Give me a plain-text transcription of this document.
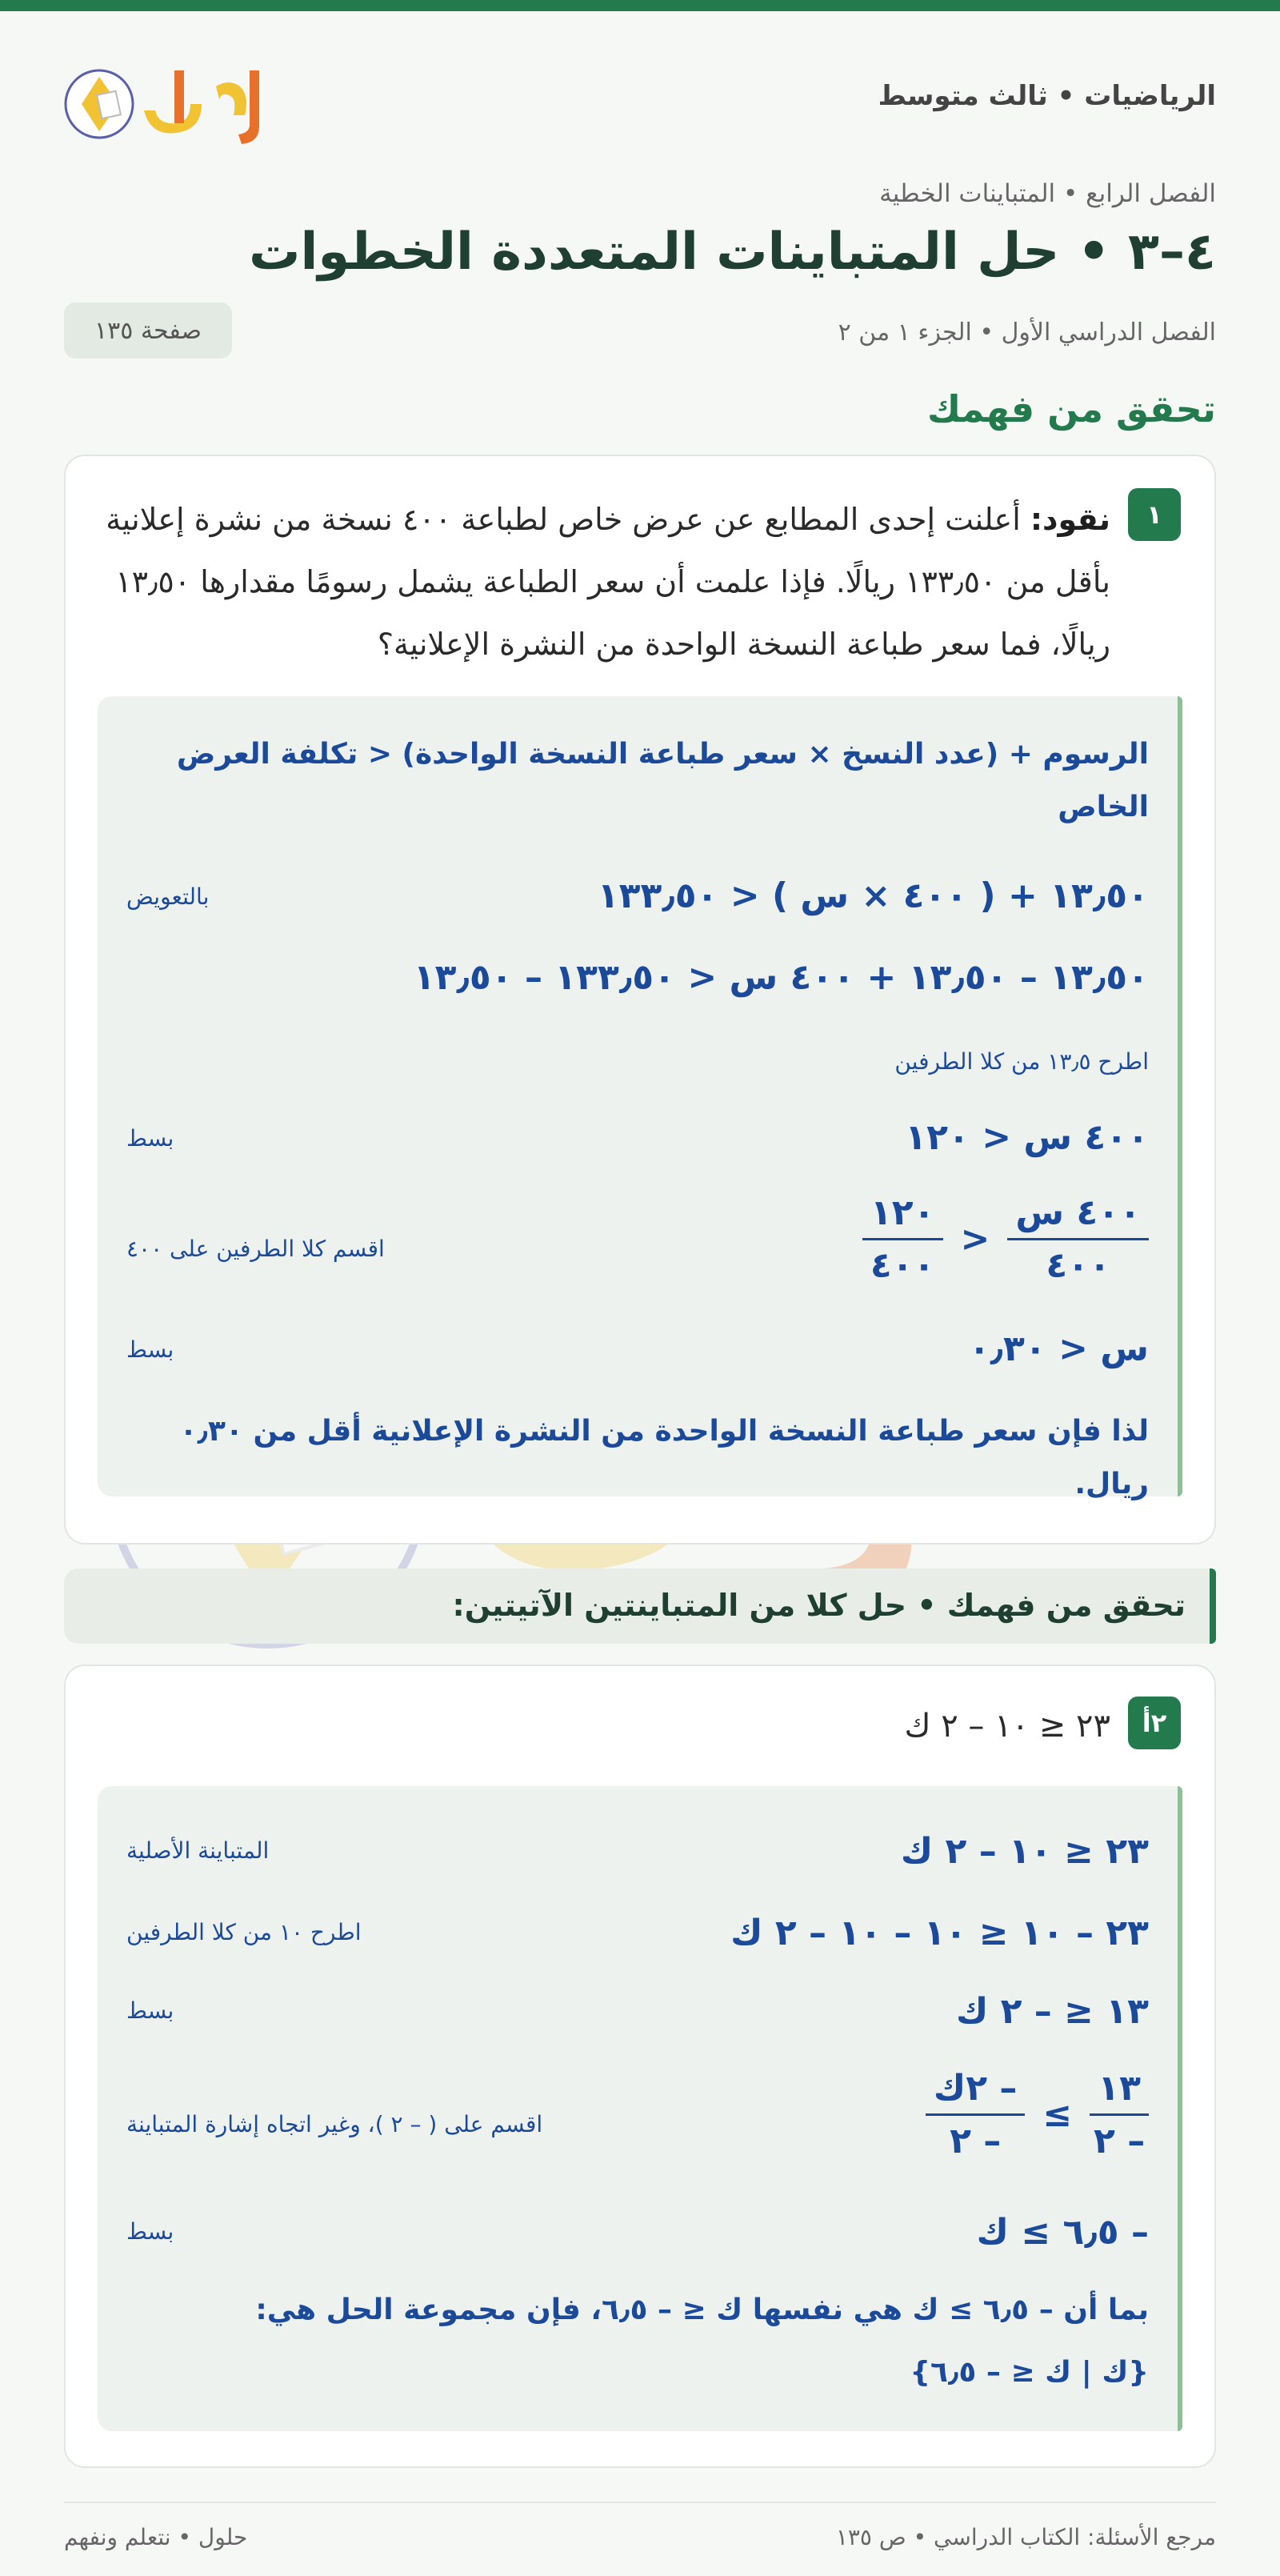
الرياضيات • ثالث متوسط
الفصل الرابع • المتباينات الخطية
٤–٣ • حل المتباينات المتعددة الخطوات
الفصل الدراسي الأول • الجزء ١ من ٢
صفحة ١٣٥
تحقق من فهمك
١

نقود: أعلنت إحدى المطابع عن عرض خاص لطباعة ٤٠٠ نسخة من نشرة إعلانية بأقل من ١٣٣٫٥٠ ريالًا. فإذا علمت أن سعر الطباعة يشمل رسومًا مقدارها ١٣٫٥٠ ريالًا، فما سعر طباعة النسخة الواحدة من النشرة الإعلانية؟

الرسوم + (عدد النسخ × سعر طباعة النسخة الواحدة) < تكلفة العرض الخاص
١٣٫٥٠ + ( ٤٠٠ × س ) < ١٣٣٫٥٠
بالتعويض
١٣٫٥٠ – ١٣٫٥٠ + ٤٠٠ س < ١٣٣٫٥٠ – ١٣٫٥٠
اطرح ١٣٫٥ من كلا الطرفين
٤٠٠ س < ١٢٠
بسط
$\frac{\text{٤٠٠ س}}{٤٠٠}$
<
$\frac{١٢٠}{٤٠٠}$
اقسم كلا الطرفين على ٤٠٠
س < ٠٫٣٠
بسط
لذا فإن سعر طباعة النسخة الواحدة من النشرة الإعلانية أقل من ٠٫٣٠ ريال.
تحقق من فهمك • حل كلا من المتباينتين الآتيتين:
٢أ
٢٣ ≤ ١٠ – ٢ ك
٢٣ ≤ ١٠ – ٢ ك
المتباينة الأصلية
٢٣ – ١٠ ≤ ١٠ – ١٠ – ٢ ك
اطرح ١٠ من كلا الطرفين
١٣ ≤ – ٢ ك
بسط
$\frac{١٣}{- ٢}$
≥
$\frac{\text{– ٢ك}}{- ٢}$
اقسم على ( – ٢ )، وغير اتجاه إشارة المتباينة
– ٦٫٥ ≥ ك
بسط
بما أن – ٦٫٥ ≥ ك هي نفسها ك ≤ – ٦٫٥، فإن مجموعة الحل هي:
{ك | ك ≤ – ٦٫٥}
مرجع الأسئلة: الكتاب الدراسي • ص ١٣٥
حلول • نتعلم ونفهم
